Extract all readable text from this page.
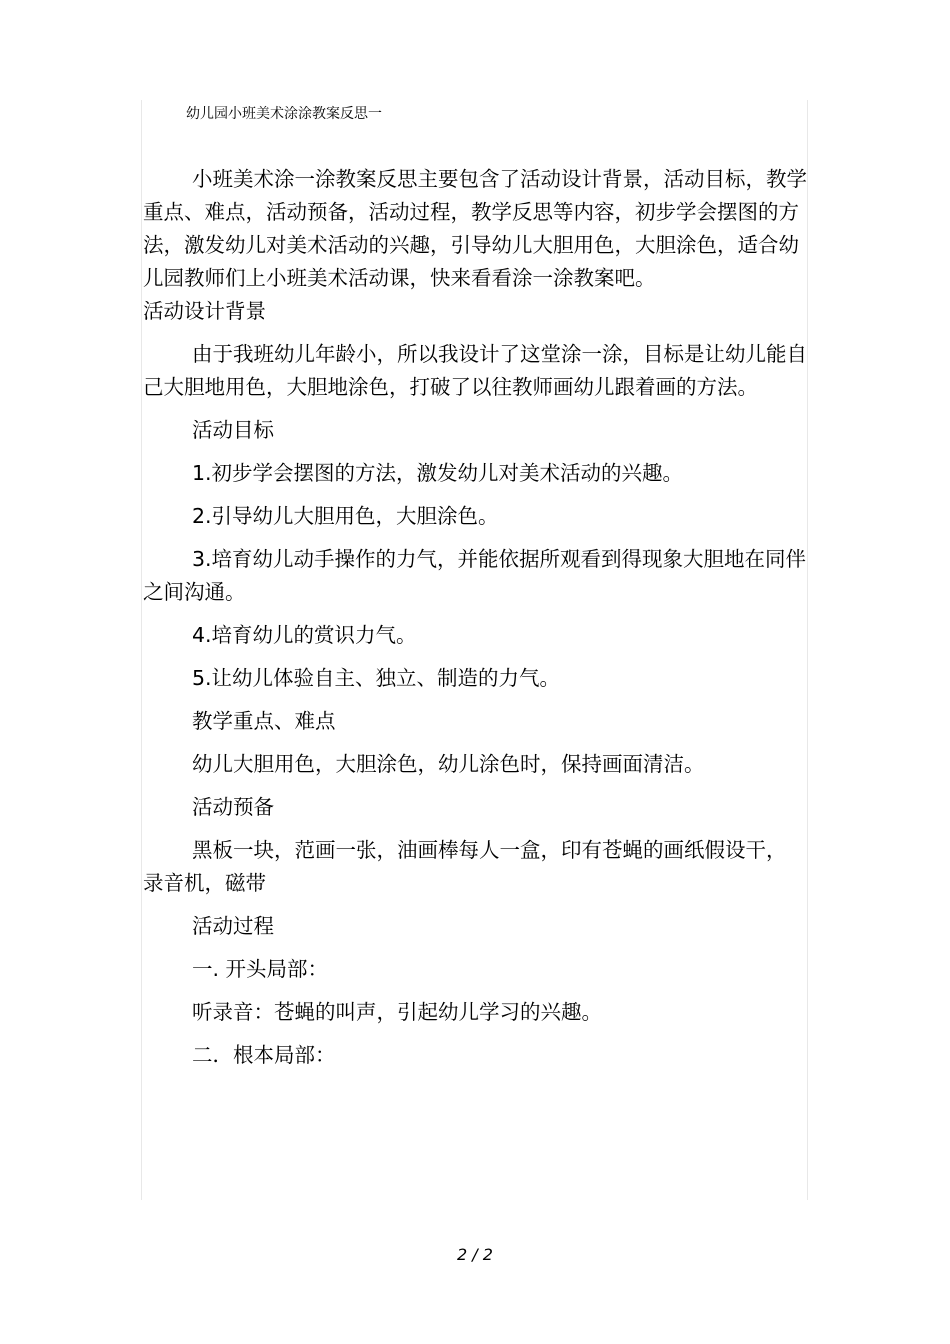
幼儿园小班美术涂涂教案反思一

小班美术涂一涂教案反思主要包含了活动设计背景，活动目标，教学重点、难点，活动预备，活动过程，教学反思等内容，初步学会摆图的方法，激发幼儿对美术活动的兴趣，引导幼儿大胆用色，大胆涂色，适合幼儿园教师们上小班美术活动课，快来看看涂一涂教案吧。

活动设计背景

由于我班幼儿年龄小，所以我设计了这堂涂一涂，目标是让幼儿能自己大胆地用色，大胆地涂色，打破了以往教师画幼儿跟着画的方法。

活动目标

1.初步学会摆图的方法，激发幼儿对美术活动的兴趣。

2.引导幼儿大胆用色，大胆涂色。

3.培育幼儿动手操作的力气，并能依据所观看到得现象大胆地在同伴之间沟通。

4.培育幼儿的赏识力气。

5.让幼儿体验自主、独立、制造的力气。

教学重点、难点

幼儿大胆用色，大胆涂色，幼儿涂色时，保持画面清洁。

活动预备

黑板一块，范画一张，油画棒每人一盒，印有苍蝇的画纸假设干， 录音机，磁带

活动过程

一. 开头局部：

听录音：苍蝇的叫声，引起幼儿学习的兴趣。

二．根本局部：

2 / 2
